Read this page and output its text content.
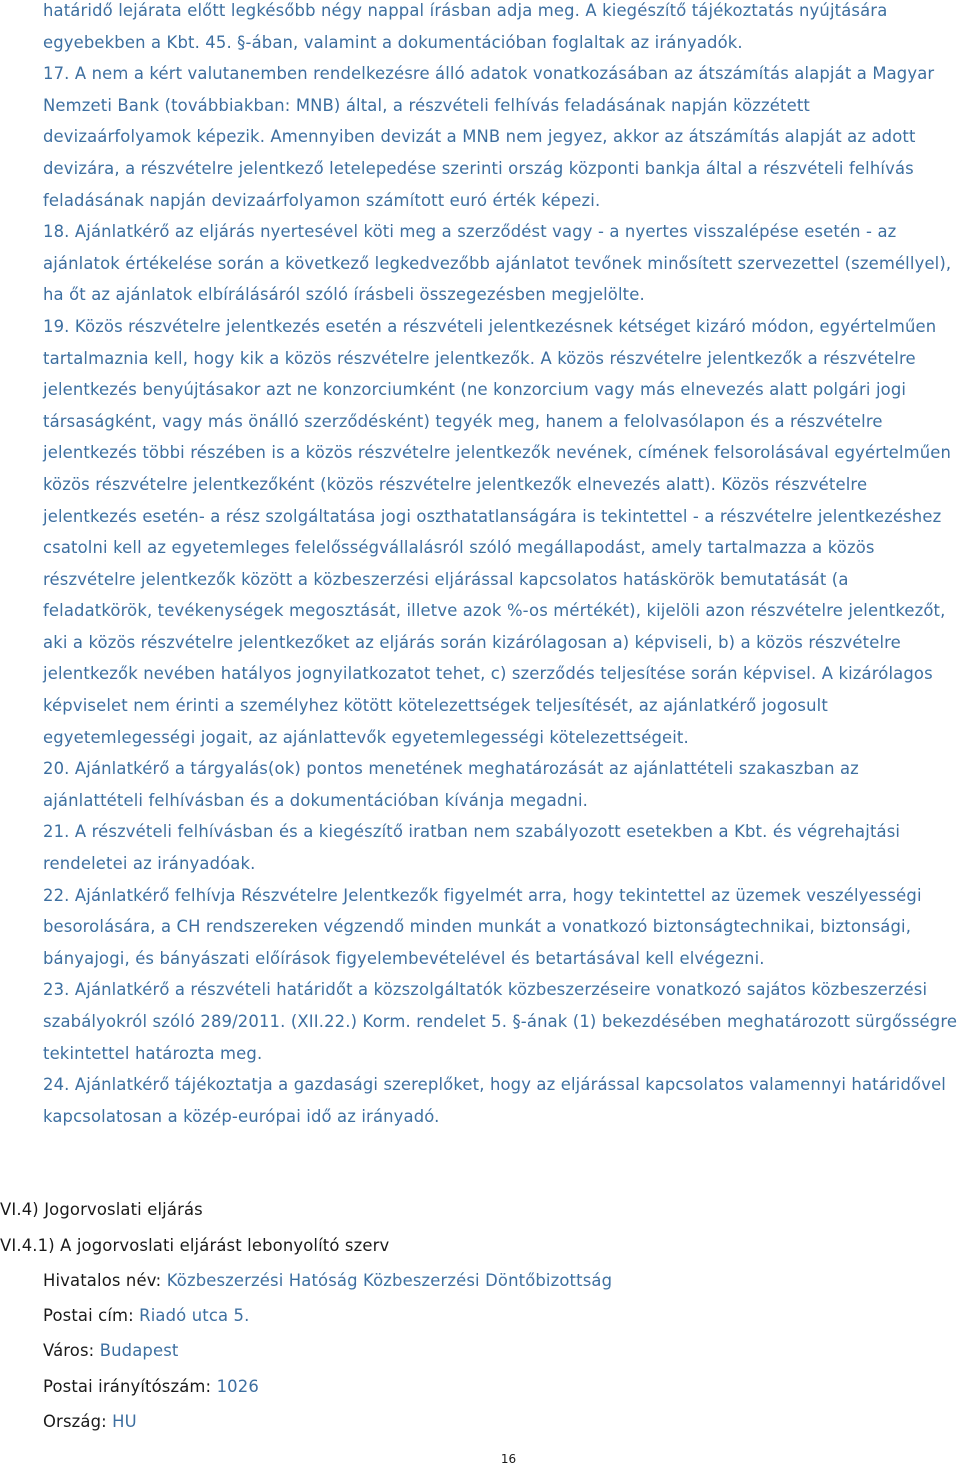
határidő lejárata előtt legkésőbb négy nappal írásban adja meg. A kiegészítő tájékoztatás nyújtására egyebekben a Kbt. 45. §-ában, valamint a dokumentációban foglaltak az irányadók.

17. A nem a kért valutanemben rendelkezésre álló adatok vonatkozásában az átszámítás alapját a Magyar Nemzeti Bank (továbbiakban: MNB) által, a részvételi felhívás feladásának napján közzétett devizaárfolyamok képezik. Amennyiben devizát a MNB nem jegyez, akkor az átszámítás alapját az adott devizára, a részvételre jelentkező letelepedése szerinti ország központi bankja által a részvételi felhívás feladásának napján devizaárfolyamon számított euró érték képezi.

18. Ajánlatkérő az eljárás nyertesével köti meg a szerződést vagy - a nyertes visszalépése esetén - az ajánlatok értékelése során a következő legkedvezőbb ajánlatot tevőnek minősített szervezettel (személlyel), ha őt az ajánlatok elbírálásáról szóló írásbeli összegezésben megjelölte.

19. Közös részvételre jelentkezés esetén a részvételi jelentkezésnek kétséget kizáró módon, egyértelműen tartalmaznia kell, hogy kik a közös részvételre jelentkezők. A közös részvételre jelentkezők a részvételre jelentkezés benyújtásakor azt ne konzorciumként (ne konzorcium vagy más elnevezés alatt polgári jogi társaságként, vagy más önálló szerződésként) tegyék meg, hanem a felolvasólapon és a részvételre jelentkezés többi részében is a közös részvételre jelentkezők nevének, címének felsorolásával egyértelműen közös részvételre jelentkezőként (közös részvételre jelentkezők elnevezés alatt). Közös részvételre jelentkezés esetén- a rész szolgáltatása jogi oszthatatlanságára is tekintettel - a részvételre jelentkezéshez csatolni kell az egyetemleges felelősségvállalásról szóló megállapodást, amely tartalmazza a közös részvételre jelentkezők között a közbeszerzési eljárással kapcsolatos hatáskörök bemutatását (a feladatkörök, tevékenységek megosztását, illetve azok %-os mértékét), kijelöli azon részvételre jelentkezőt, aki a közös részvételre jelentkezőket az eljárás során kizárólagosan a) képviseli, b) a közös részvételre jelentkezők nevében hatályos jognyilatkozatot tehet, c) szerződés teljesítése során képvisel. A kizárólagos képviselet nem érinti a személyhez kötött kötelezettségek teljesítését, az ajánlatkérő jogosult egyetemlegességi jogait, az ajánlattevők egyetemlegességi kötelezettségeit.

20. Ajánlatkérő a tárgyalás(ok) pontos menetének meghatározását az ajánlattételi szakaszban az ajánlattételi felhívásban és a dokumentációban kívánja megadni.

21. A részvételi felhívásban és a kiegészítő iratban nem szabályozott esetekben a Kbt. és végrehajtási rendeletei az irányadóak.

22. Ajánlatkérő felhívja Részvételre Jelentkezők figyelmét arra, hogy tekintettel az üzemek veszélyességi besorolására, a CH rendszereken végzendő minden munkát a vonatkozó biztonságtechnikai, biztonsági, bányajogi, és bányászati előírások figyelembevételével és betartásával kell elvégezni.

23. Ajánlatkérő a részvételi határidőt a közszolgáltatók közbeszerzéseire vonatkozó sajátos közbeszerzési szabályokról szóló 289/2011. (XII.22.) Korm. rendelet 5. §-ának (1) bekezdésében meghatározott sürgősségre tekintettel határozta meg.

24. Ajánlatkérő tájékoztatja a gazdasági szereplőket, hogy az eljárással kapcsolatos valamennyi határidővel kapcsolatosan a közép-európai idő az irányadó.

VI.4) Jogorvoslati eljárás
VI.4.1) A jogorvoslati eljárást lebonyolító szerv
Hivatalos név: Közbeszerzési Hatóság Közbeszerzési Döntőbizottság
Postai cím: Riadó utca 5.
Város: Budapest
Postai irányítószám: 1026
Ország: HU
16
